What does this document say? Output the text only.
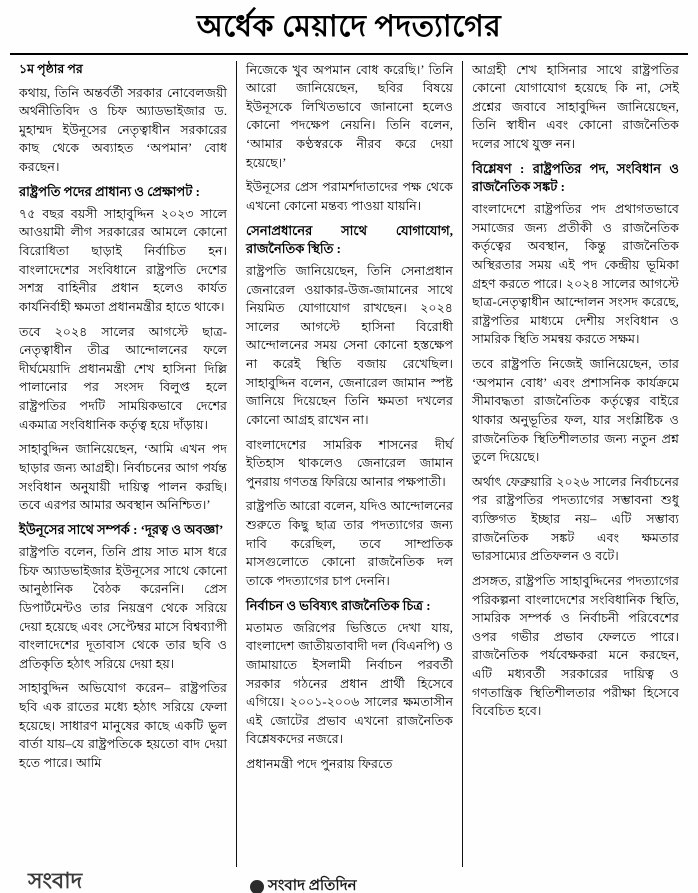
অর্ধেক মেয়াদে পদত্যাগের
১ম পৃষ্ঠার পর

কথায়, তিনি অন্তর্বর্তী সরকার নোবেলজয়ী অর্থনীতিবিদ ও চিফ অ্যাডভাইজার ড. মুহাম্মদ ইউনূসের নেতৃত্বাধীন সরকারের কাছ থেকে অব্যাহত ‘অপমান’ বোধ করছেন।

রাষ্ট্রপতি পদের প্রাধান্য ও প্রেক্ষাপট :

৭৫ বছর বয়সী সাহাবুদ্দিন ২০২৩ সালে আওয়ামী লীগ সরকারের আমলে কোনো বিরোধিতা ছাড়াই নির্বাচিত হন। বাংলাদেশের সংবিধানে রাষ্ট্রপতি দেশের সশস্ত্র বাহিনীর প্রধান হলেও কার্যত কার্যনির্বাহী ক্ষমতা প্রধানমন্ত্রীর হাতে থাকে।

তবে ২০২৪ সালের আগস্টে ছাত্র-নেতৃত্বাধীন তীব্র আন্দোলনের ফলে দীর্ঘমেয়াদি প্রধানমন্ত্রী শেখ হাসিনা দিল্লি পালানোর পর সংসদ বিলুপ্ত হলে রাষ্ট্রপতির পদটি সাময়িকভাবে দেশের একমাত্র সংবিধানিক কর্তৃত্ব হয়ে দাঁড়ায়।

সাহাবুদ্দিন জানিয়েছেন, ‘আমি এখন পদ ছাড়ার জন্য আগ্রহী। নির্বাচনের আগ পর্যন্ত সংবিধান অনুযায়ী দায়িত্ব পালন করছি। তবে এরপর আমার অবস্থান অনিশ্চিত।’

ইউনূসের সাথে সম্পর্ক : ‘দূরত্ব ও অবজ্ঞা’

রাষ্ট্রপতি বলেন, তিনি প্রায় সাত মাস ধরে চিফ অ্যাডভাইজার ইউনূসের সাথে কোনো আনুষ্ঠানিক বৈঠক করেননি। প্রেস ডিপার্টমেন্টও তার নিয়ন্ত্রণ থেকে সরিয়ে দেয়া হয়েছে এবং সেপ্টেম্বর মাসে বিশ্বব্যাপী বাংলাদেশের দূতাবাস থেকে তার ছবি ও প্রতিকৃতি হঠাৎ সরিয়ে দেয়া হয়।

সাহাবুদ্দিন অভিযোগ করেন– রাষ্ট্রপতির ছবি এক রাতের মধ্যে হঠাৎ সরিয়ে ফেলা হয়েছে। সাধারণ মানুষের কাছে একটি ভুল বার্তা যায়–যে রাষ্ট্রপতিকে হয়তো বাদ দেয়া হতে পারে। আমি

নিজেকে খুব অপমান বোধ করেছি।’ তিনি আরো জানিয়েছেন, ছবির বিষয়ে ইউনূসকে লিখিতভাবে জানানো হলেও কোনো পদক্ষেপ নেয়নি। তিনি বলেন, ‘আমার কণ্ঠস্বরকে নীরব করে দেয়া হয়েছে।’

ইউনূসের প্রেস পরামর্শদাতাদের পক্ষ থেকে এখনো কোনো মন্তব্য পাওয়া যায়নি।

সেনাপ্রধানের সাথে যোগাযোগ, রাজনৈতিক স্থিতি :

রাষ্ট্রপতি জানিয়েছেন, তিনি সেনাপ্রধান জেনারেল ওয়াকার-উজ-জামানের সাথে নিয়মিত যোগাযোগ রাখছেন। ২০২৪ সালের আগস্টে হাসিনা বিরোধী আন্দোলনের সময় সেনা কোনো হস্তক্ষেপ না করেই স্থিতি বজায় রেখেছিল। সাহাবুদ্দিন বলেন, জেনারেল জামান স্পষ্ট জানিয়ে দিয়েছেন তিনি ক্ষমতা দখলের কোনো আগ্রহ রাখেন না।

বাংলাদেশের সামরিক শাসনের দীর্ঘ ইতিহাস থাকলেও জেনারেল জামান পুনরায় গণতন্ত্র ফিরিয়ে আনার পক্ষপাতী।

রাষ্ট্রপতি আরো বলেন, যদিও আন্দোলনের শুরুতে কিছু ছাত্র তার পদত্যাগের জন্য দাবি করেছিল, তবে সাম্প্রতিক মাসগুলোতে কোনো রাজনৈতিক দল তাকে পদত্যাগের চাপ দেননি।

নির্বাচন ও ভবিষ্যৎ রাজনৈতিক চিত্র :

মতামত জরিপের ভিত্তিতে দেখা যায়, বাংলাদেশ জাতীয়তাবাদী দল (বিএনপি) ও জামায়াতে ইসলামী নির্বাচন পরবর্তী সরকার গঠনের প্রধান প্রার্থী হিসেবে এগিয়ে। ২০০১-২০০৬ সালের ক্ষমতাসীন এই জোটের প্রভাব এখনো রাজনৈতিক বিশ্লেষকদের নজরে।

প্রধানমন্ত্রী পদে পুনরায় ফিরতে

আগ্রহী শেখ হাসিনার সাথে রাষ্ট্রপতির কোনো যোগাযোগ হয়েছে কি না, সেই প্রশ্নের জবাবে সাহাবুদ্দিন জানিয়েছেন, তিনি স্বাধীন এবং কোনো রাজনৈতিক দলের সাথে যুক্ত নন।

বিশ্লেষণ : রাষ্ট্রপতির পদ, সংবিধান ও রাজনৈতিক সঙ্কট :

বাংলাদেশে রাষ্ট্রপতির পদ প্রথাগতভাবে সমাজের জন্য প্রতীকী ও রাজনৈতিক কর্তৃত্বের অবস্থান, কিন্তু রাজনৈতিক অস্থিরতার সময় এই পদ কেন্দ্রীয় ভূমিকা গ্রহণ করতে পারে। ২০২৪ সালের আগস্টে ছাত্র-নেতৃত্বাধীন আন্দোলন সংসদ করেছে, রাষ্ট্রপতির মাধ্যমে দেশীয় সংবিধান ও সামরিক স্থিতি সমন্বয় করতে সক্ষম।

তবে রাষ্ট্রপতি নিজেই জানিয়েছেন, তার ‘অপমান বোধ’ এবং প্রশাসনিক কার্যক্রমে সীমাবদ্ধতা রাজনৈতিক কর্তৃত্বের বাইরে থাকার অনুভূতির ফল, যার সংশ্লিষ্টিক ও রাজনৈতিক স্থিতিশীলতার জন্য নতুন প্রশ্ন তুলে দিয়েছে।

অর্থাৎ ফেব্রুয়ারি ২০২৬ সালের নির্বাচনের পর রাষ্ট্রপতির পদত্যাগের সম্ভাবনা শুধু ব্যক্তিগত ইচ্ছার নয়– এটি সম্ভাব্য রাজনৈতিক সঙ্কট এবং ক্ষমতার ভারসাম্যের প্রতিফলন ও বটে।

প্রসঙ্গত, রাষ্ট্রপতি সাহাবুদ্দিনের পদত্যাগের পরিকল্পনা বাংলাদেশের সংবিধানিক স্থিতি, সামরিক সম্পর্ক ও নির্বাচনী পরিবেশের ওপর গভীর প্রভাব ফেলতে পারে। রাজনৈতিক পর্যবেক্ষকরা মনে করছেন, এটি মধ্যবর্তী সরকারের দায়িত্ব ও গণতান্ত্রিক স্থিতিশীলতার পরীক্ষা হিসেবে বিবেচিত হবে।

সংবাদ	সংবাদ প্রতিদিন
